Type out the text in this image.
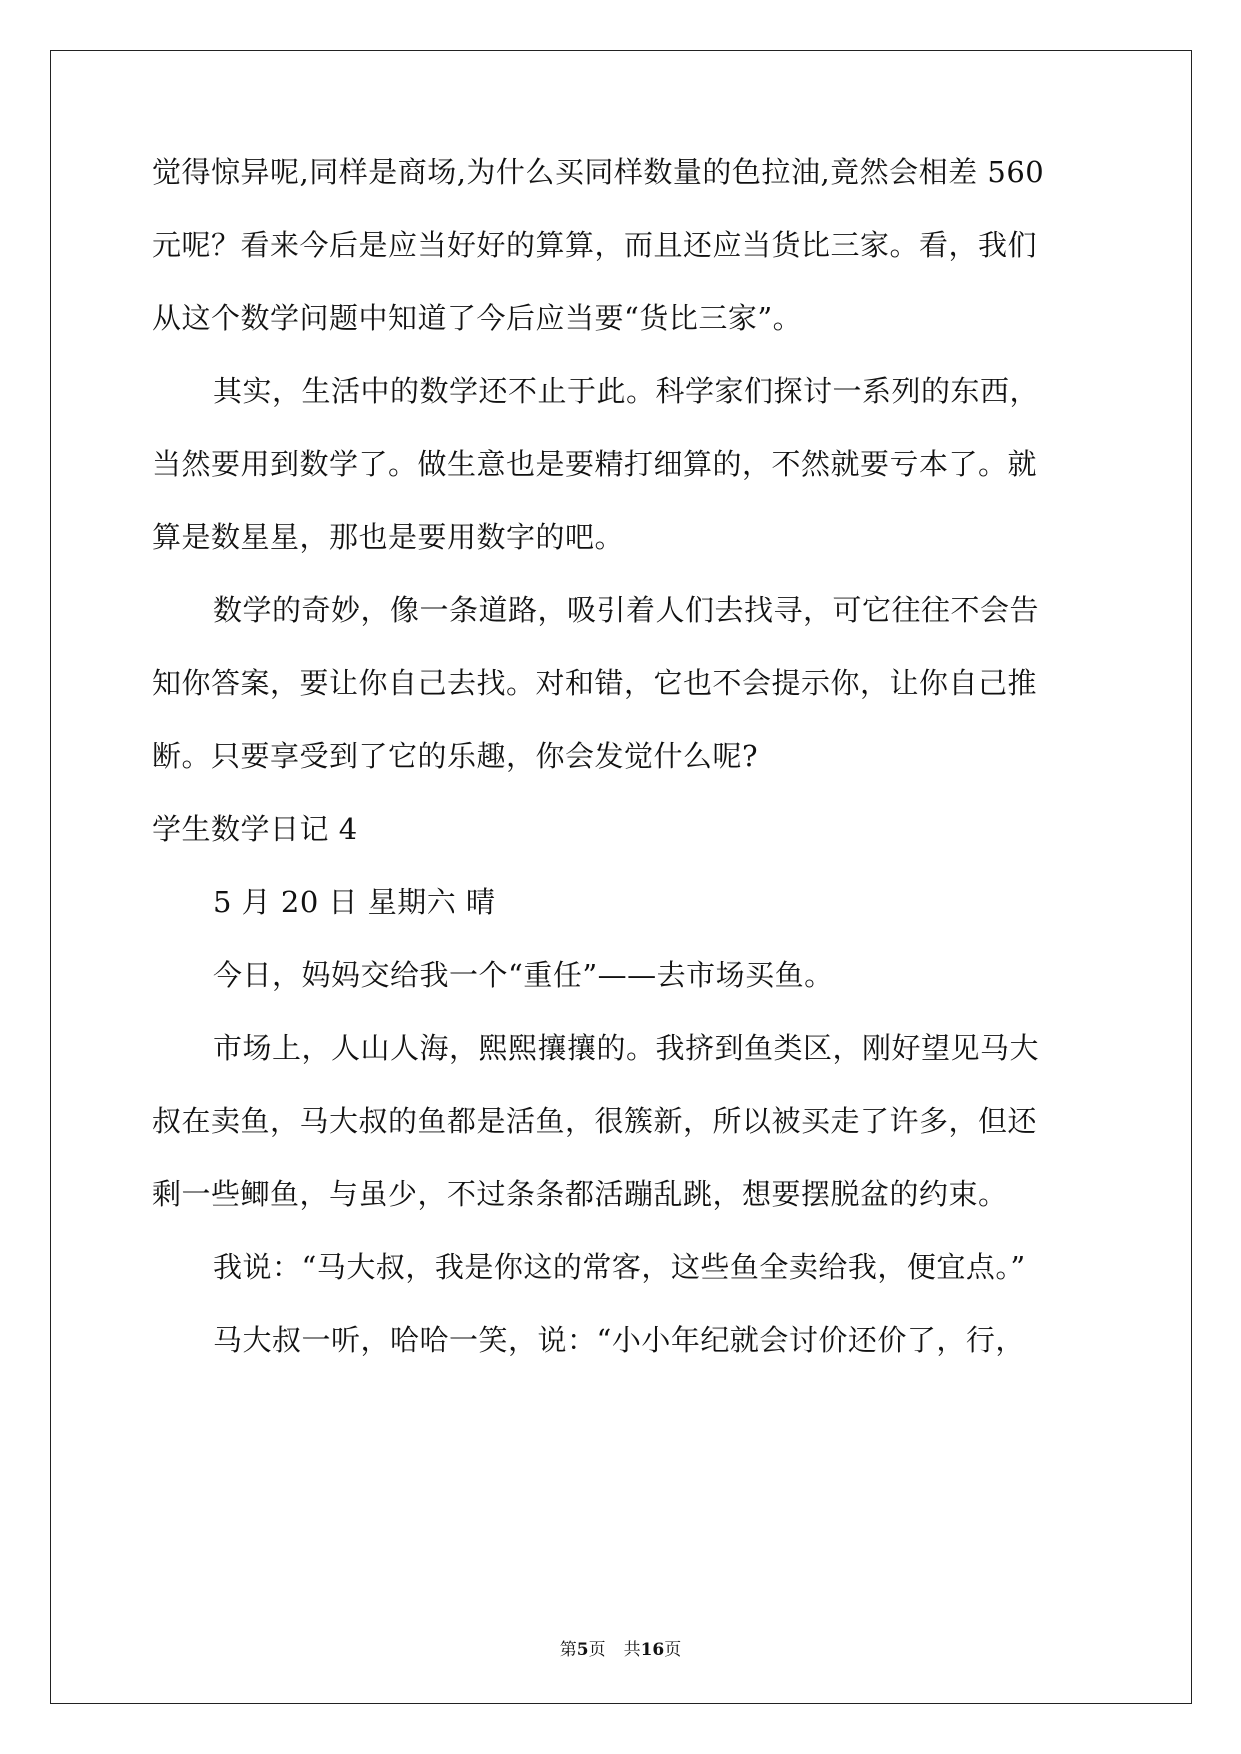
觉得惊异呢,同样是商场,为什么买同样数量的色拉油,竟然会相差 560
元呢？看来今后是应当好好的算算，而且还应当货比三家。看，我们
从这个数学问题中知道了今后应当要“货比三家”。
其实，生活中的数学还不止于此。科学家们探讨一系列的东西，
当然要用到数学了。做生意也是要精打细算的，不然就要亏本了。就
算是数星星，那也是要用数字的吧。
数学的奇妙，像一条道路，吸引着人们去找寻，可它往往不会告
知你答案，要让你自己去找。对和错，它也不会提示你，让你自己推
断。只要享受到了它的乐趣，你会发觉什么呢?
学生数学日记 4
5 月 20 日 星期六 晴
今日，妈妈交给我一个“重任”——去市场买鱼。
市场上，人山人海，熙熙攘攘的。我挤到鱼类区，刚好望见马大
叔在卖鱼，马大叔的鱼都是活鱼，很簇新，所以被买走了许多，但还
剩一些鲫鱼，与虽少，不过条条都活蹦乱跳，想要摆脱盆的约束。
我说：“马大叔，我是你这的常客，这些鱼全卖给我，便宜点。”
马大叔一听，哈哈一笑，说：“小小年纪就会讨价还价了，行，
第5页 共16页
